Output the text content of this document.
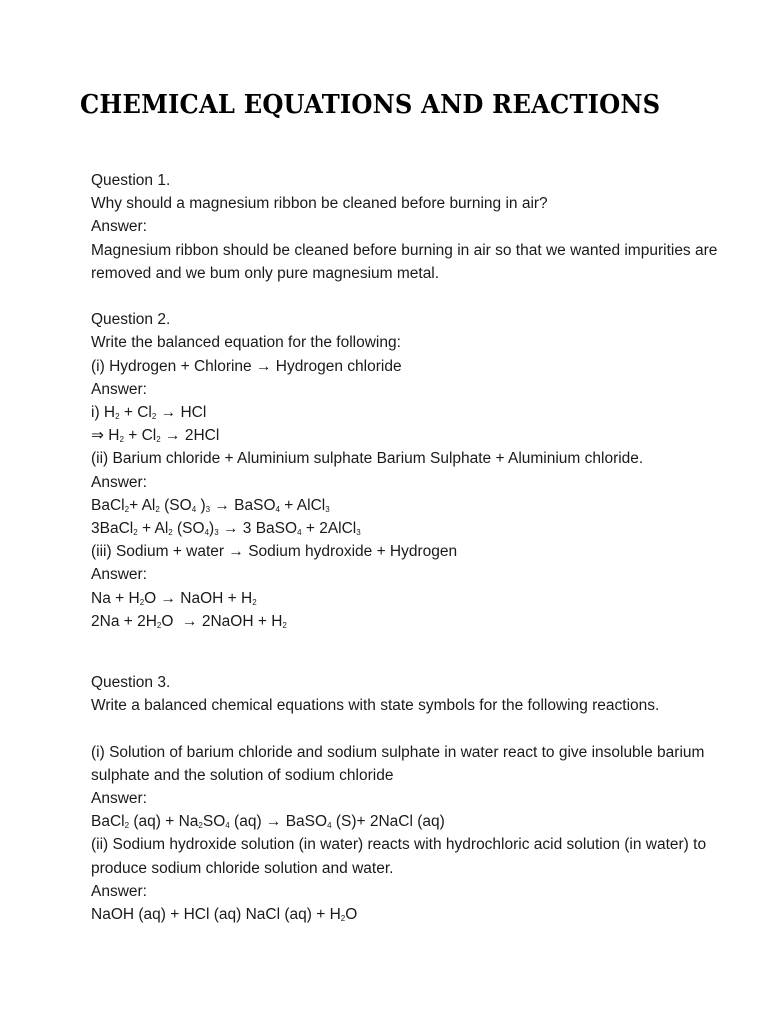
CHEMICAL EQUATIONS AND REACTIONS

Question 1.

Why should a magnesium ribbon be cleaned before burning in air?

Answer:

Magnesium ribbon should be cleaned before burning in air so that we wanted impurities are removed and we bum only pure magnesium metal.

Question 2.

Write the balanced equation for the following:

(i) Hydrogen + Chlorine → Hydrogen chloride

Answer:

i) $H_2 + Cl_2$ → HCl

⇒ $H_2 + Cl_2 \to 2HCl$

(ii) Barium chloride + Aluminium sulphate Barium Sulphate + Aluminium chloride.

Answer:

BaCl$_2$+ $Al_2$ ($SO_4$ )$_3$ → BaSO$_4$ + AlCl$_3$

3BaCl$_2$ + $Al_2$ $(SO_4)_3 \to 3$ BaSO$_4$ + 2AlCl$_3$

(iii) Sodium + water → Sodium hydroxide + Hydrogen

Answer:

$Na + H_2O$ → NaOH + $H_2$

$2Na + 2H_2O$  → 2NaOH + $H_2$

Question 3.

Write a balanced chemical equations with state symbols for the following reactions.

(i) Solution of barium chloride and sodium sulphate in water react to give insoluble barium sulphate and the solution of sodium chloride

Answer:

BaCl$_2$ $(aq) + Na_2SO_4$ (aq) → BaSO$_4$ (S)+ 2NaCl (aq)

(ii) Sodium hydroxide solution (in water) reacts with hydrochloric acid solution (in water) to produce sodium chloride solution and water.

Answer:

NaOH (aq) + HCl (aq) NaCl $(aq) + H_2O$
